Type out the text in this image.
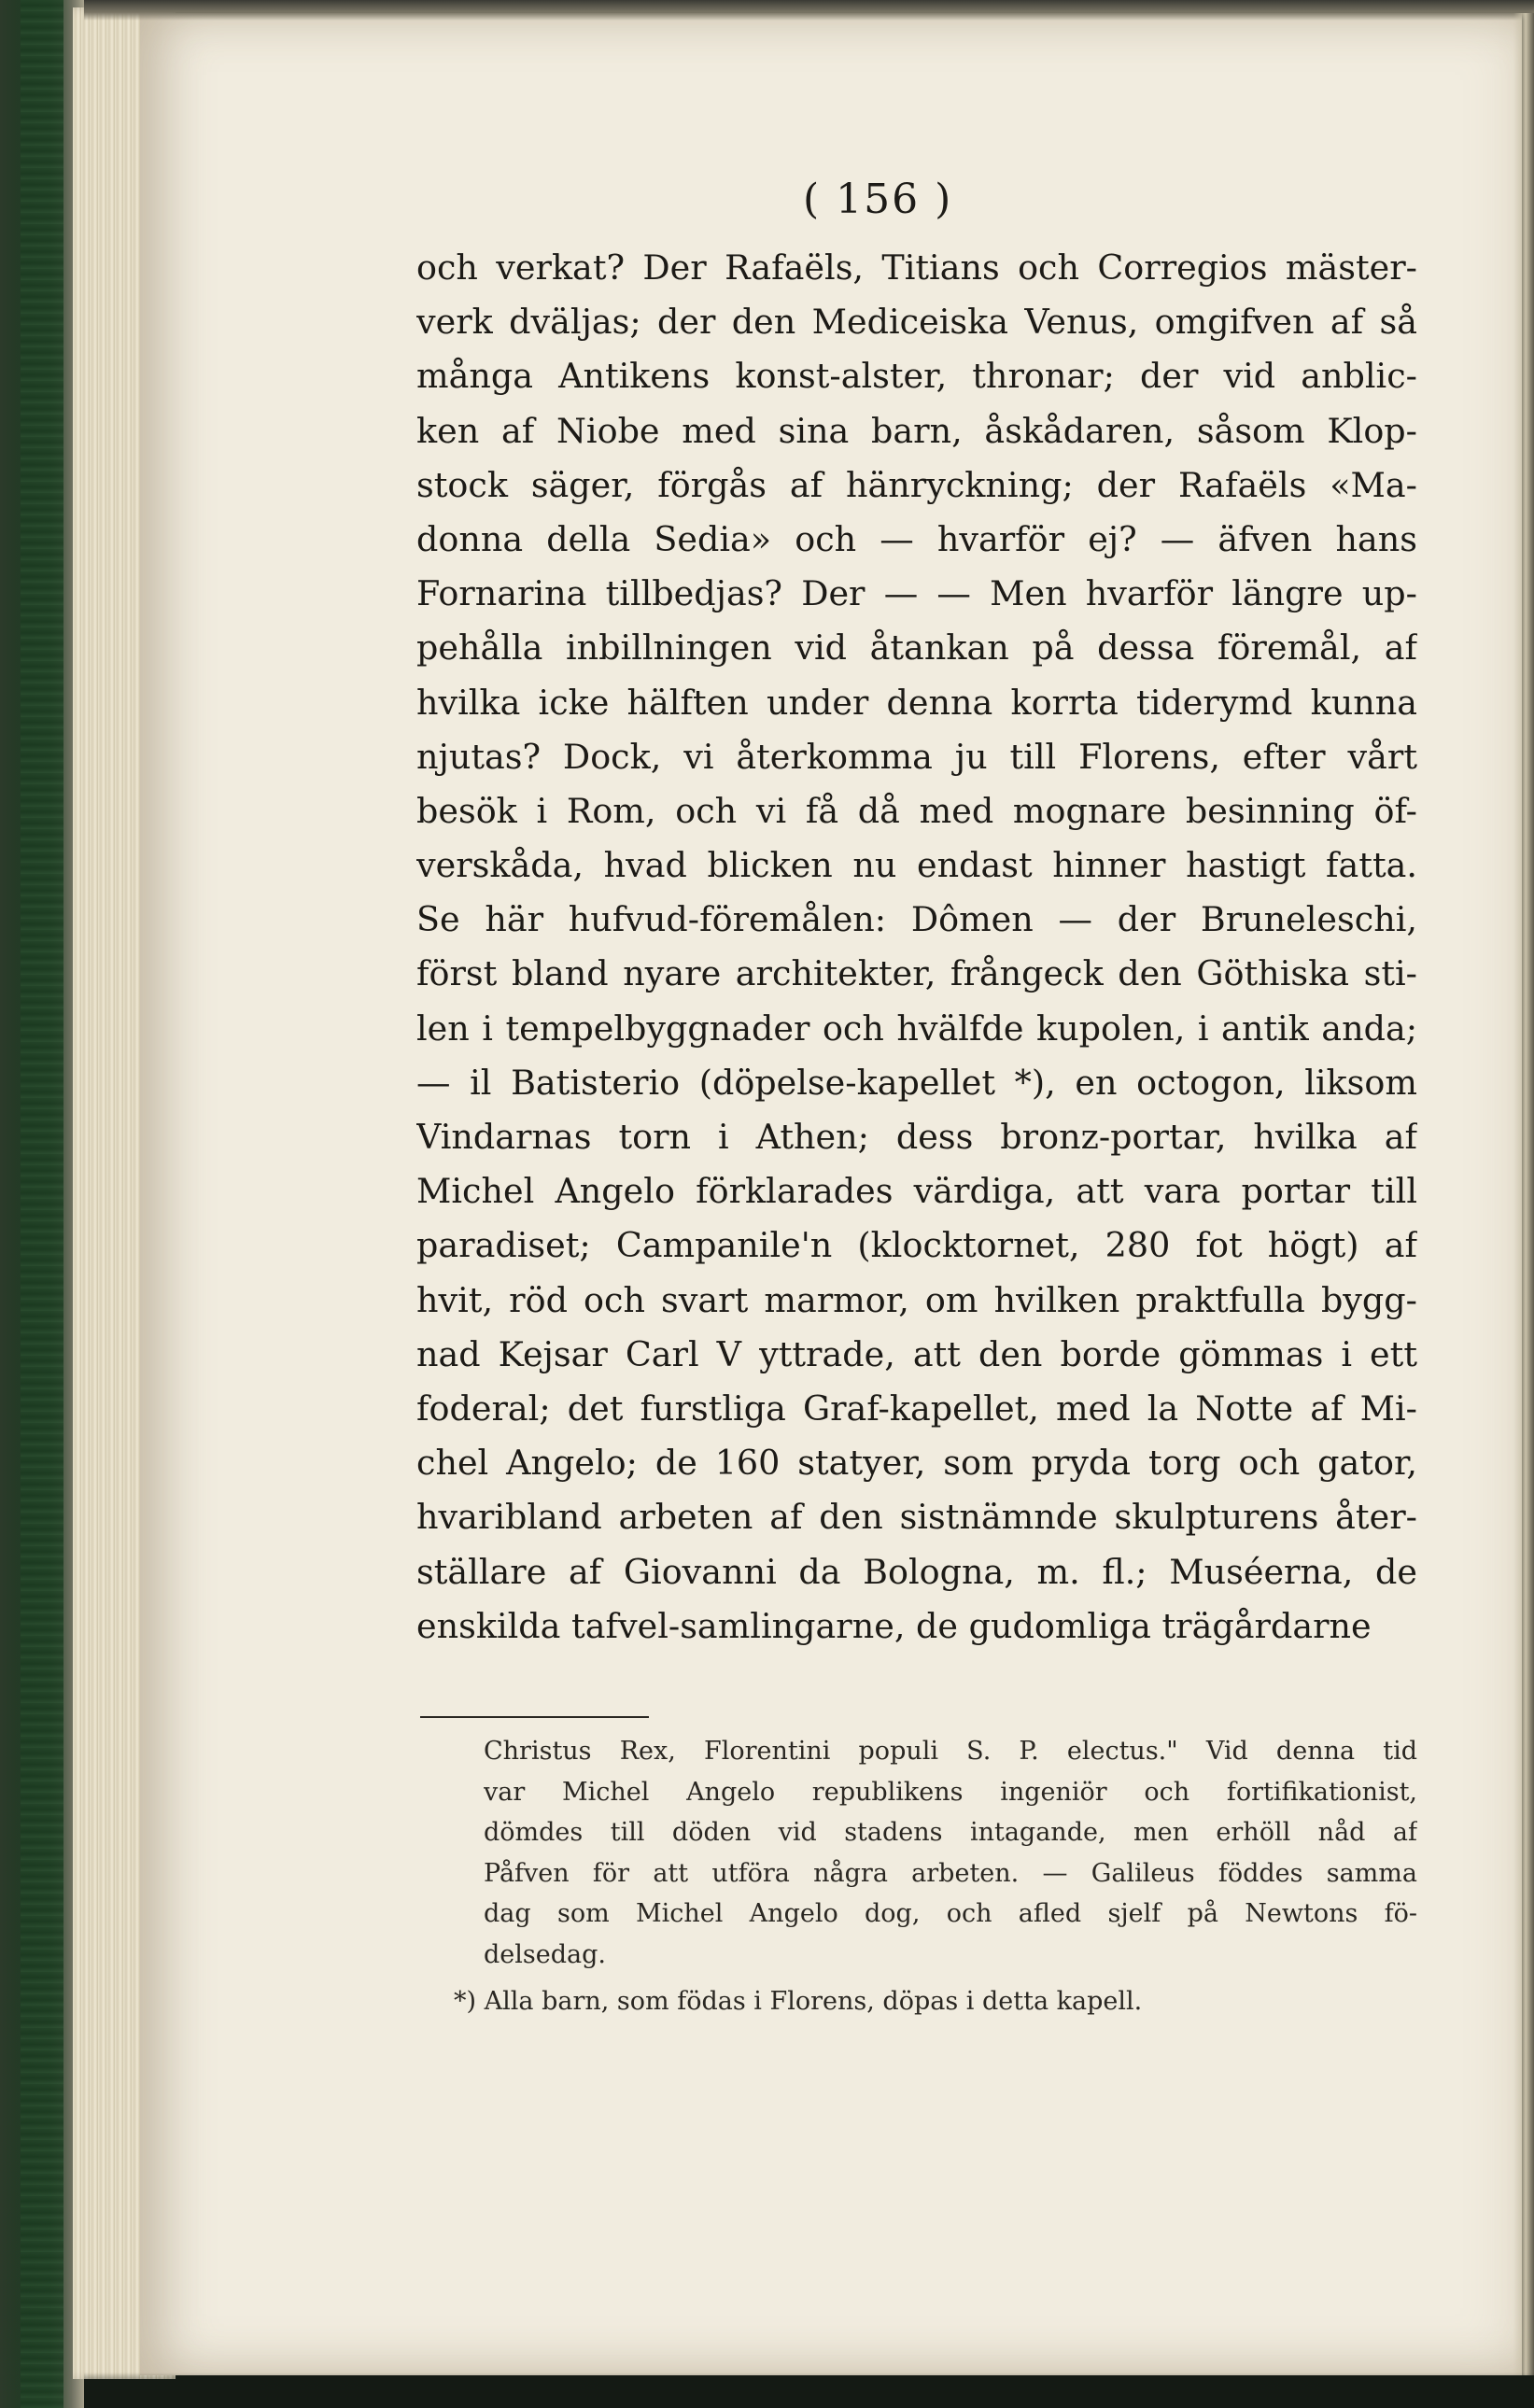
( 156 )
och verkat? Der Rafaëls, Titians och Corregios mäster-
verk dväljas; der den Mediceiska Venus, omgifven af så
många Antikens konst-alster, thronar; der vid anblic-
ken af Niobe med sina barn, åskådaren, såsom Klop-
stock säger, förgås af hänryckning; der Rafaëls «Ma-
donna della Sedia» och — hvarför ej? — äfven hans
Fornarina tillbedjas? Der — — Men hvarför längre up-
pehålla inbillningen vid åtankan på dessa föremål, af
hvilka icke hälften under denna korrta tiderymd kunna
njutas? Dock, vi återkomma ju till Florens, efter vårt
besök i Rom, och vi få då med mognare besinning öf-
verskåda, hvad blicken nu endast hinner hastigt fatta.
Se här hufvud-föremålen: Dômen — der Bruneleschi,
först bland nyare architekter, frångeck den Göthiska sti-
len i tempelbyggnader och hvälfde kupolen, i antik anda;
— il Batisterio (döpelse-kapellet *), en octogon, liksom
Vindarnas torn i Athen; dess bronz-portar, hvilka af
Michel Angelo förklarades värdiga, att vara portar till
paradiset; Campanile'n (klocktornet, 280 fot högt) af
hvit, röd och svart marmor, om hvilken praktfulla bygg-
nad Kejsar Carl V yttrade, att den borde gömmas i ett
foderal; det furstliga Graf-kapellet, med la Notte af Mi-
chel Angelo; de 160 statyer, som pryda torg och gator,
hvaribland arbeten af den sistnämnde skulpturens åter-
ställare af Giovanni da Bologna, m. fl.; Muséerna, de
enskilda tafvel-samlingarne, de gudomliga trägårdarne
Christus Rex, Florentini populi S. P. electus." Vid denna tid
var Michel Angelo republikens ingeniör och fortifikationist,
dömdes till döden vid stadens intagande, men erhöll nåd af
Påfven för att utföra några arbeten. — Galileus föddes samma
dag som Michel Angelo dog, och afled sjelf på Newtons fö-
delsedag.
*) Alla barn, som födas i Florens, döpas i detta kapell.
